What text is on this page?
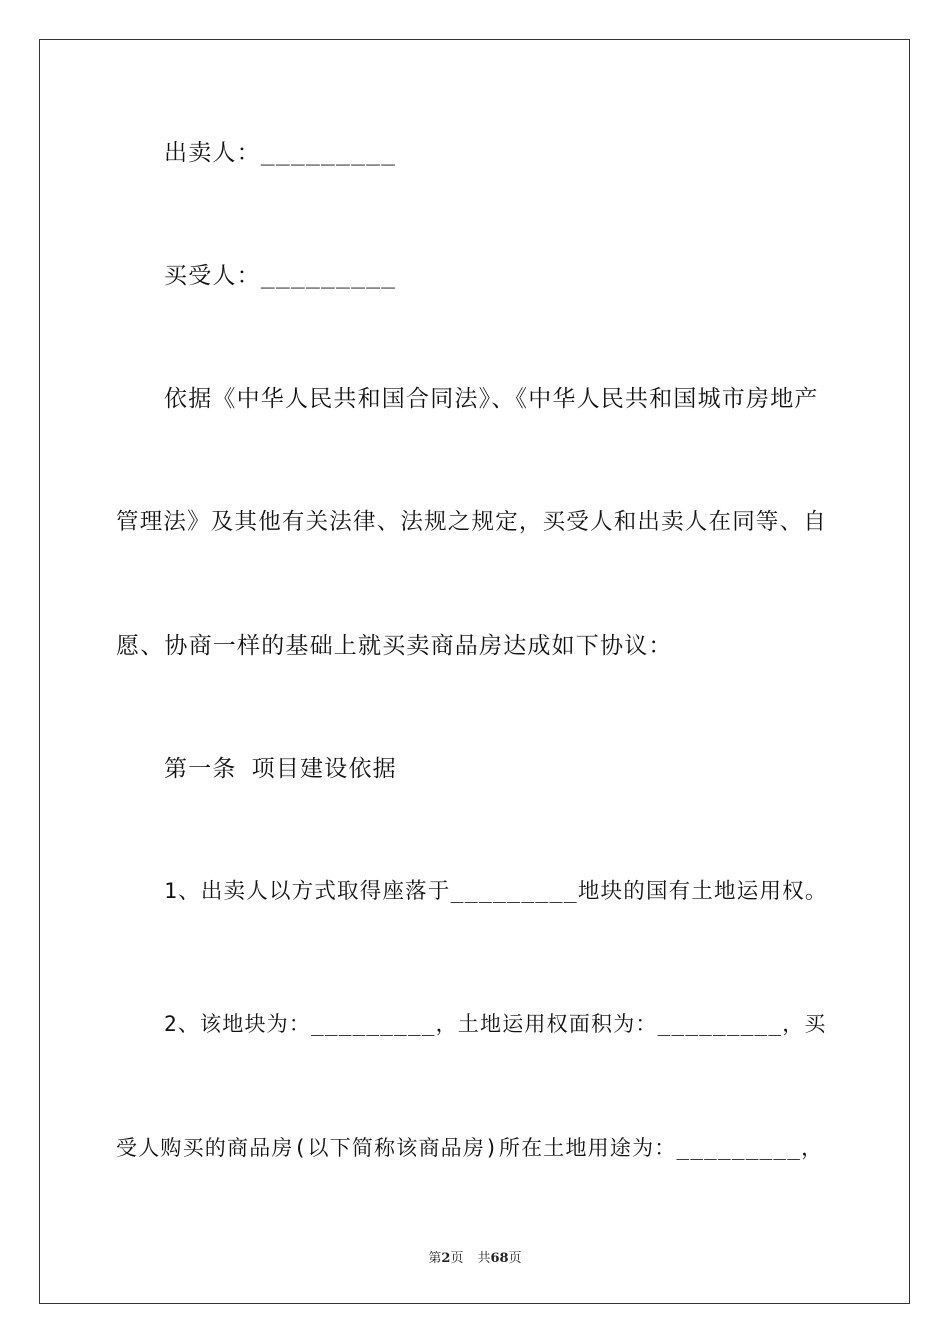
出卖人：_________
买受人：_________
依据《中华人民共和国合同法》、《中华人民共和国城市房地产
管理法》及其他有关法律、法规之规定，买受人和出卖人在同等、自
愿、协商一样的基础上就买卖商品房达成如下协议：
第一条 项目建设依据
1、出卖人以方式取得座落于_________地块的国有土地运用权。
2、该地块为：_________，土地运用权面积为：_________，买
受人购买的商品房(以下简称该商品房)所在土地用途为：_________，
第2页 共68页
